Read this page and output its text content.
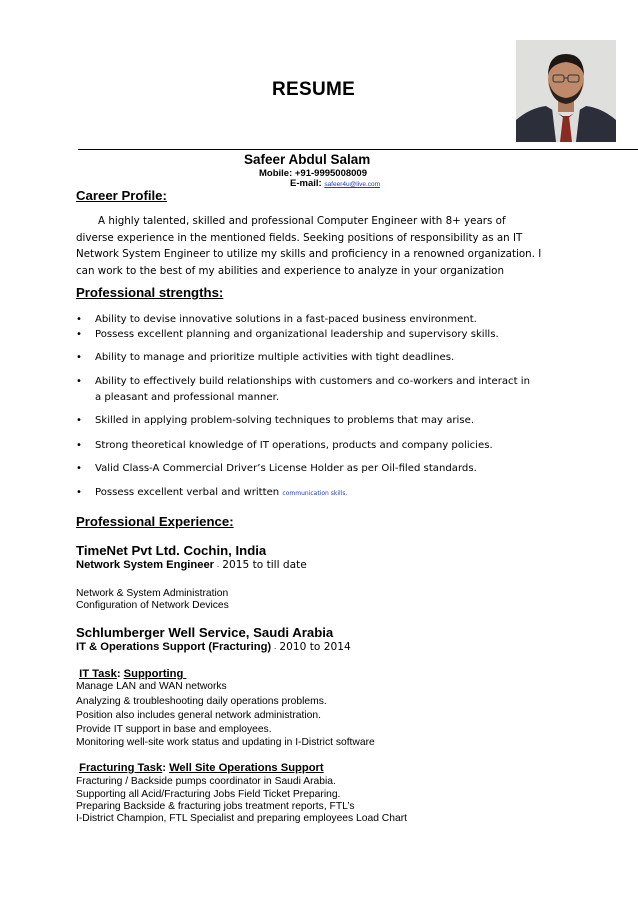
RESUME
Safeer Abdul Salam
Mobile: +91-9995008009
E-mail: safeer4u@live.com
Career Profile:
A highly talented, skilled and professional Computer Engineer with 8+ years of diverse experience in the mentioned fields. Seeking positions of responsibility as an IT Network System Engineer to utilize my skills and proficiency in a renowned organization. I can work to the best of my abilities and experience to analyze in your organization
Professional strengths:
• Ability to devise innovative solutions in a fast-paced business environment.
• Possess excellent planning and organizational leadership and supervisory skills.
• Ability to manage and prioritize multiple activities with tight deadlines.
• Ability to effectively build relationships with customers and co-workers and interact in a pleasant and professional manner.
• Skilled in applying problem-solving techniques to problems that may arise.
• Strong theoretical knowledge of IT operations, products and company policies.
• Valid Class-A Commercial Driver’s License Holder as per Oil-filed standards.
• Possess excellent verbal and written communication skills.
Professional Experience:
TimeNet Pvt Ltd. Cochin, India
Network System Engineer - 2015 to till date
Network & System Administration
Configuration of Network Devices
Schlumberger Well Service, Saudi Arabia
IT & Operations Support (Fracturing) - 2010 to 2014
IT Task: Supporting
Manage LAN and WAN networks
Analyzing & troubleshooting daily operations problems.
Position also includes general network administration.
Provide IT support in base and employees.
Monitoring well-site work status and updating in I-District software
Fracturing Task: Well Site Operations Support
Fracturing / Backside pumps coordinator in Saudi Arabia.
Supporting all Acid/Fracturing Jobs Field Ticket Preparing.
Preparing Backside & fracturing jobs treatment reports, FTL’s
I-District Champion, FTL Specialist and preparing employees Load Chart
